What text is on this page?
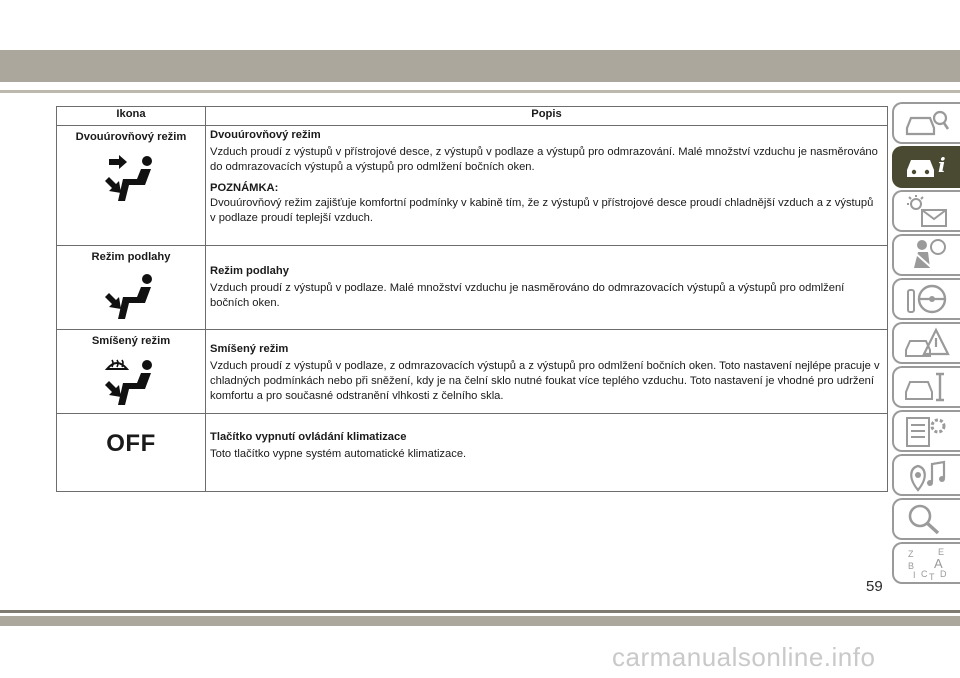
Ikona	Popis
Dvouúrovňový režim	Dvouúrovňový režim

Vzduch proudí z výstupů v přístrojové desce, z výstupů v podlaze a výstupů pro odmrazování. Malé množství vzduchu je nasměrováno do odmrazovacích výstupů a výstupů pro odmlžení bočních oken.

POZNÁMKA:

Dvouúrovňový režim zajišťuje komfortní podmínky v kabině tím, že z výstupů v přístrojové desce proudí chladnější vzduch a z výstupů v podlaze proudí teplejší vzduch.

Režim podlahy	Režim podlahy

Vzduch proudí z výstupů v podlaze. Malé množství vzduchu je nasměrováno do odmrazovacích výstupů a výstupů pro odmlžení bočních oken.

Smíšený režim	Smíšený režim

Vzduch proudí z výstupů v podlaze, z odmrazovacích výstupů a z výstupů pro odmlžení bočních oken. Toto nastavení nejlépe pracuje v chladných podmínkách nebo při sněžení, kdy je na čelní sklo nutné foukat více teplého vzduchu. Toto nastavení je vhodné pro udržení komfortu a pro současné odstranění vlhkosti z čelního skla.

OFF	Tlačítko vypnutí ovládání klimatizace

Toto tlačítko vypne systém automatické klimatizace.

i
Z	E
B A
I C T D
59
carmanualsonline.info
